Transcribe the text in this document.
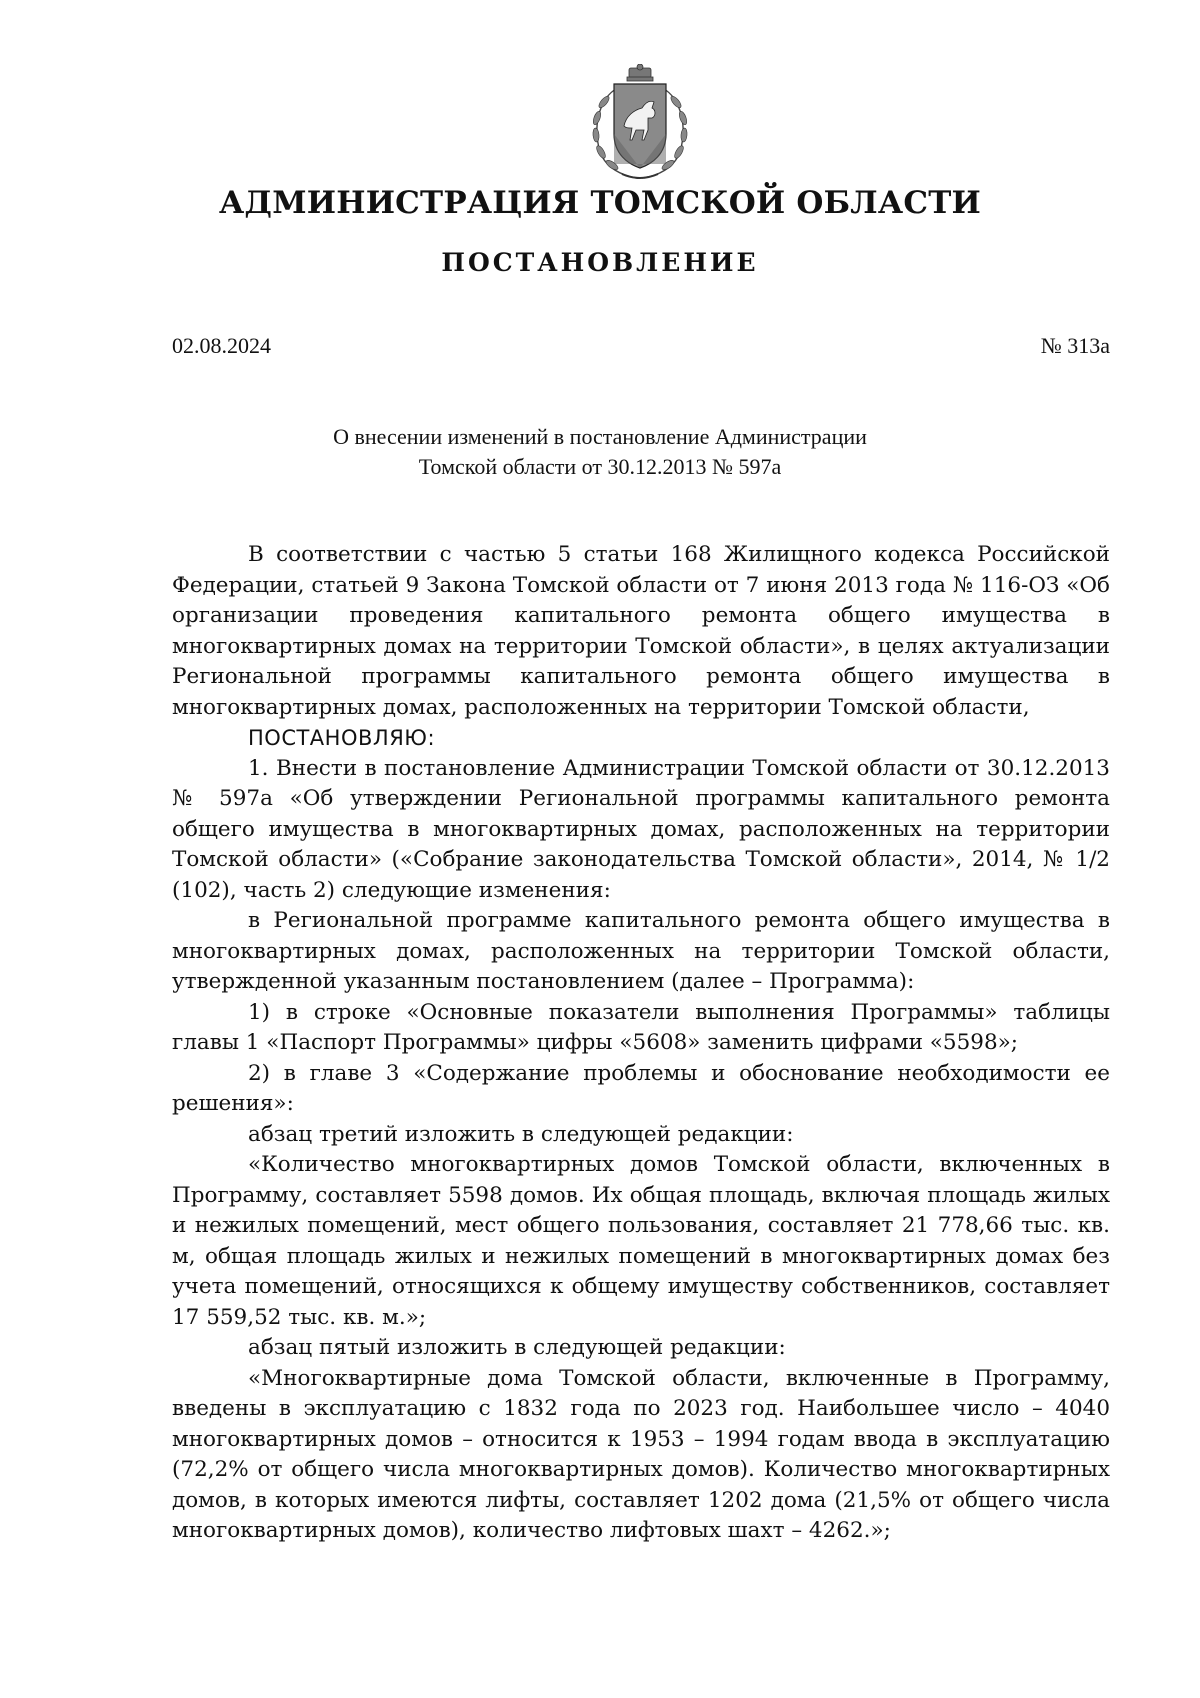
АДМИНИСТРАЦИЯ ТОМСКОЙ ОБЛАСТИ
ПОСТАНОВЛЕНИЕ
02.08.2024	№ 313а
О внесении изменений в постановление Администрации
Томской области от 30.12.2013 № 597а

В соответствии с частью 5 статьи 168 Жилищного кодекса Российской Федерации, статьей 9 Закона Томской области от 7 июня 2013 года № 116-ОЗ «Об организации проведения капитального ремонта общего имущества в многоквартирных домах на территории Томской области», в целях актуализации Региональной программы капитального ремонта общего имущества в многоквартирных домах, расположенных на территории Томской области,

ПОСТАНОВЛЯЮ:

1. Внести в постановление Администрации Томской области от 30.12.2013 № 597а «Об утверждении Региональной программы капитального ремонта общего имущества в многоквартирных домах, расположенных на территории Томской области» («Собрание законодательства Томской области», 2014, № 1/2 (102), часть 2) следующие изменения:

в Региональной программе капитального ремонта общего имущества в многоквартирных домах, расположенных на территории Томской области, утвержденной указанным постановлением (далее – Программа):

1) в строке «Основные показатели выполнения Программы» таблицы главы 1 «Паспорт Программы» цифры «5608» заменить цифрами «5598»;

2) в главе 3 «Содержание проблемы и обоснование необходимости ее решения»:

абзац третий изложить в следующей редакции:

«Количество многоквартирных домов Томской области, включенных в Программу, составляет 5598 домов. Их общая площадь, включая площадь жилых и нежилых помещений, мест общего пользования, составляет 21 778,66 тыс. кв. м, общая площадь жилых и нежилых помещений в многоквартирных домах без учета помещений, относящихся к общему имуществу собственников, составляет 17 559,52 тыс. кв. м.»;

абзац пятый изложить в следующей редакции:

«Многоквартирные дома Томской области, включенные в Программу, введены в эксплуатацию с 1832 года по 2023 год. Наибольшее число – 4040 многоквартирных домов – относится к 1953 – 1994 годам ввода в эксплуатацию (72,2% от общего числа многоквартирных домов). Количество многоквартирных домов, в которых имеются лифты, составляет 1202 дома (21,5% от общего числа многоквартирных домов), количество лифтовых шахт – 4262.»;
